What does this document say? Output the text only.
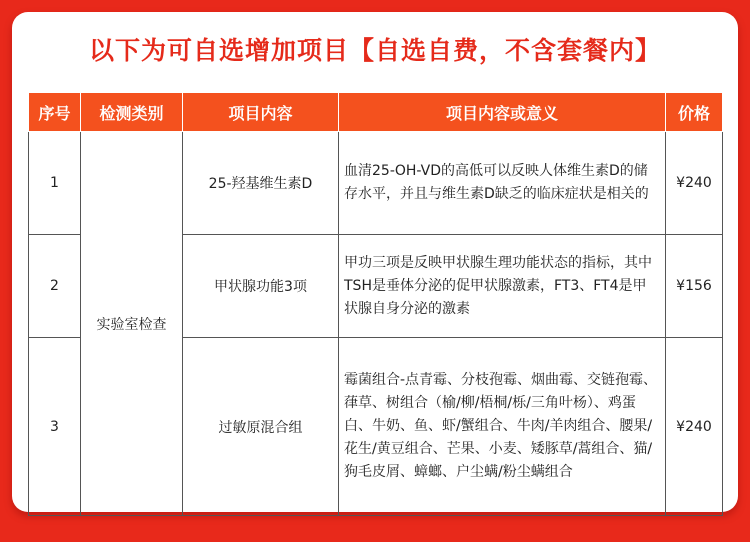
以下为可自选增加项目【自选自费，不含套餐内】
序号	检测类别	项目内容	项目内容或意义	价格
1	实验室检查	25-羟基维生素D	血清25-OH-VD的高低可以反映人体维生素D的储存水平，并且与维生素D缺乏的临床症状是相关的	¥240
2		甲状腺功能3项	甲功三项是反映甲状腺生理功能状态的指标，其中TSH是垂体分泌的促甲状腺激素，FT3、FT4是甲状腺自身分泌的激素	¥156
3		过敏原混合组	霉菌组合-点青霉、分枝孢霉、烟曲霉、交链孢霉、葎草、树组合（榆/柳/梧桐/栎/三角叶杨）、鸡蛋白、牛奶、鱼、虾/蟹组合、牛肉/羊肉组合、腰果/花生/黄豆组合、芒果、小麦、矮豚草/蒿组合、猫/狗毛皮屑、蟑螂、户尘螨/粉尘螨组合	¥240
